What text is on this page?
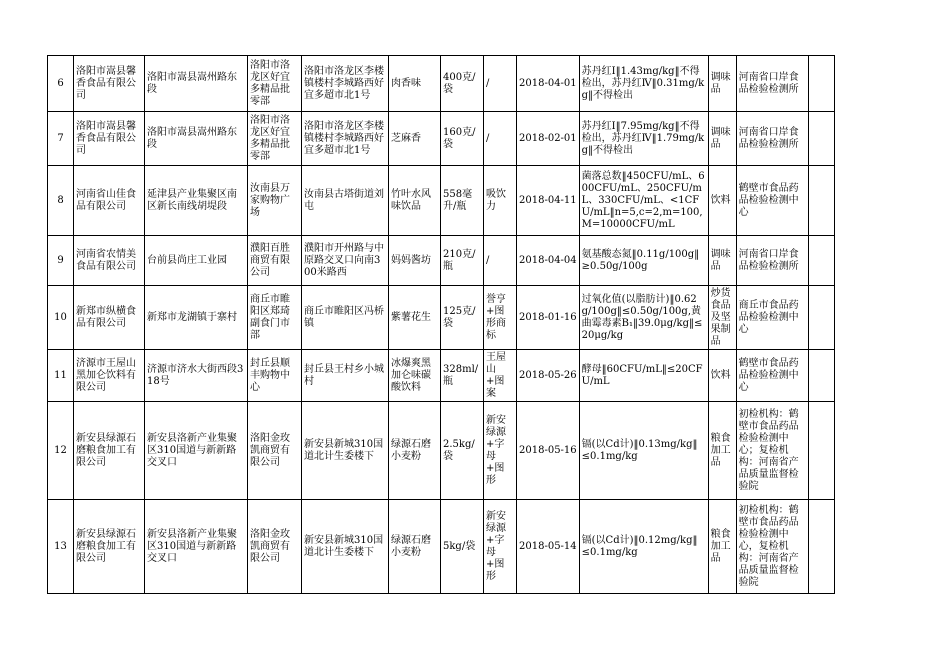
6	洛阳市嵩县馨香食品有限公司	洛阳市嵩县嵩州路东段	洛阳市洛龙区好宜多精品批零部	洛阳市洛龙区李楼镇楼村李城路西好宜多超市北1号	肉香味	400克/袋	/	2018-04-01	苏丹红Ⅰ‖1.43mg/kg‖不得检出，苏丹红Ⅳ‖0.31mg/kg‖不得检出	调味品	河南省口岸食品检验检测所	
7	洛阳市嵩县馨香食品有限公司	洛阳市嵩县嵩州路东段	洛阳市洛龙区好宜多精品批零部	洛阳市洛龙区李楼镇楼村李城路西好宜多超市北1号	芝麻香	160克/袋	/	2018-02-01	苏丹红Ⅰ‖7.95mg/kg‖不得检出，苏丹红Ⅳ‖1.79mg/kg‖不得检出	调味品	河南省口岸食品检验检测所	
8	河南省山佳食品有限公司	延津县产业集聚区南区新长南线胡堤段	汝南县万家购物广场	汝南县古塔街道刘屯	竹叶水风味饮品	558毫升/瓶	吸饮力	2018-04-11	菌落总数‖450CFU/mL、600CFU/mL、250CFU/mL、330CFU/mL、<1CFU/mL‖n=5,c=2,m=100,M=10000CFU/mL	饮料	鹤壁市食品药品检验检测中心	
9	河南省农情美食品有限公司	台前县尚庄工业园	濮阳百胜商贸有限公司	濮阳市开州路与中原路交叉口向南300米路西	妈妈酱坊	210克/瓶	/	2018-04-04	氨基酸态氮‖0.11g/100g‖≥0.50g/100g	调味品	河南省口岸食品检验检测所	
10	新郑市纵横食品有限公司	新郑市龙湖镇于寨村	商丘市睢阳区郑琦副食门市部	商丘市睢阳区冯桥镇	紫薯花生	125克/袋	誉亨+图形商标	2018-01-16	过氧化值(以脂肪计)‖0.62g/100g‖≤0.50g/100g,黄曲霉毒素B₁‖39.0μg/kg‖≤20μg/kg	炒货食品及坚果制品	商丘市食品药品检验检测中心	
11	济源市王屋山黑加仑饮料有限公司	济源市济水大街西段318号	封丘县顺丰购物中心	封丘县王村乡小城村	冰爆爽黑加仑味碳酸饮料	328ml/瓶	王屋山+图案	2018-05-26	酵母‖60CFU/mL‖≤20CFU/mL	饮料	鹤壁市食品药品检验检测中心	
12	新安县绿源石磨粮食加工有限公司	新安县洛新产业集聚区310国道与新新路交叉口	洛阳金玫凯商贸有限公司	新安县新城310国道北计生委楼下	绿源石磨小麦粉	2.5kg/袋	新安绿源+字母+图形	2018-05-16	镉(以Cd计)‖0.13mg/kg‖≤0.1mg/kg	粮食加工品	初检机构：鹤壁市食品药品检验检测中心；复检机构：河南省产品质量监督检验院	
13	新安县绿源石磨粮食加工有限公司	新安县洛新产业集聚区310国道与新新路交叉口	洛阳金玫凯商贸有限公司	新安县新城310国道北计生委楼下	绿源石磨小麦粉	5kg/袋	新安绿源+字母+图形	2018-05-14	镉(以Cd计)‖0.12mg/kg‖≤0.1mg/kg	粮食加工品	初检机构：鹤壁市食品药品检验检测中心，复检机构：河南省产品质量监督检验院	
